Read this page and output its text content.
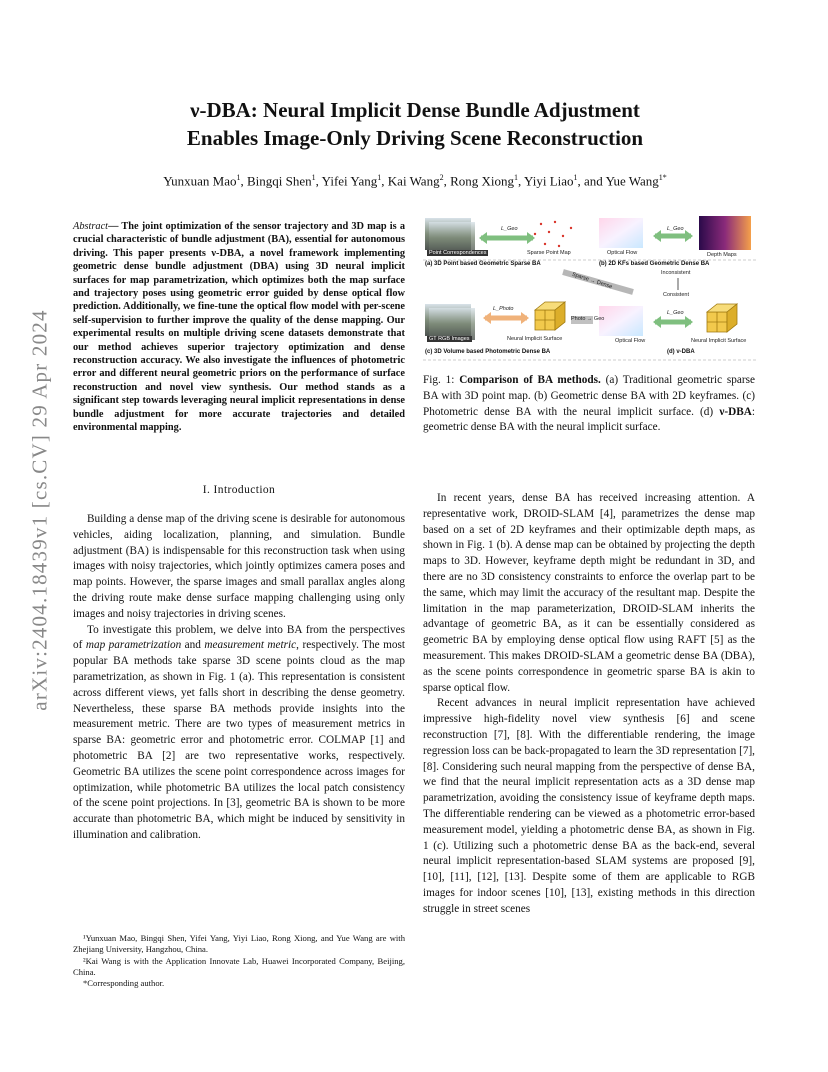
arXiv:2404.18439v1 [cs.CV] 29 Apr 2024
ν-DBA: Neural Implicit Dense Bundle Adjustment
Enables Image-Only Driving Scene Reconstruction
Yunxuan Mao$^1$, Bingqi Shen$^1$, Yifei Yang$^1$, Kai Wang$^2$, Rong Xiong$^1$, Yiyi Liao$^1$, and Yue Wang$^{1*}$
Abstract— The joint optimization of the sensor trajectory and 3D map is a crucial characteristic of bundle adjustment (BA), essential for autonomous driving. This paper presents ν-DBA, a novel framework implementing geometric dense bundle adjustment (DBA) using 3D neural implicit surfaces for map parametrization, which optimizes both the map surface and trajectory poses using geometric error guided by dense optical flow prediction. Additionally, we fine-tune the optical flow model with per-scene self-supervision to further improve the quality of the dense mapping. Our experimental results on multiple driving scene datasets demonstrate that our method achieves superior trajectory optimization and dense reconstruction accuracy. We also investigate the influences of photometric error and different neural geometric priors on the performance of surface reconstruction and novel view synthesis. Our method stands as a significant step towards leveraging neural implicit representations in dense bundle adjustment for more accurate trajectories and detailed environmental mapping.
I. Introduction

Building a dense map of the driving scene is desirable for autonomous vehicles, aiding localization, planning, and simulation. Bundle adjustment (BA) is indispensable for this reconstruction task when using images with noisy trajectories, which jointly optimizes camera poses and map points. However, the sparse images and small parallax angles along the driving route make dense surface mapping challenging using only images and noisy trajectories in driving scenes.

To investigate this problem, we delve into BA from the perspectives of map parametrization and measurement metric, respectively. The most popular BA methods take sparse 3D scene points cloud as the map parametrization, as shown in Fig. 1 (a). This representation is consistent across different views, yet falls short in describing the dense geometry. Nevertheless, these sparse BA methods provide insights into the measurement metric. There are two types of measurement metrics in sparse BA: geometric error and photometric error. COLMAP [1] and photometric BA [2] are two representative works, respectively. Geometric BA utilizes the scene point correspondence across images for optimization, while photometric BA utilizes the local patch consistency of the scene point projections. In [3], geometric BA is shown to be more accurate than photometric BA, which might be induced by sensitivity in illumination and calibration.

¹Yunxuan Mao, Bingqi Shen, Yifei Yang, Yiyi Liao, Rong Xiong, and Yue Wang are with Zhejiang University, Hangzhou, China.

²Kai Wang is with the Application Innovate Lab, Huawei Incorporated Company, Beijing, China.

*Corresponding author.

Point Correspondences	Sparse Point Map
L_Geo
Optical Flow
L_Geo
Depth Maps
(a) 3D Point based Geometric Sparse BA	(b) 2D KFs based Geometric Dense BA
Inconsistent
Consistent
Sparse → Dense
L_Photo
Photo → Geo
L_Geo
GT RGB Images	Neural Implicit Surface	Optical Flow	Neural Implicit Surface
(c) 3D Volume based Photometric Dense BA	(d) ν-DBA
Fig. 1: Comparison of BA methods. (a) Traditional geometric sparse BA with 3D point map. (b) Geometric dense BA with 2D keyframes. (c) Photometric dense BA with the neural implicit surface. (d) ν-DBA: geometric dense BA with the neural implicit surface.

In recent years, dense BA has received increasing attention. A representative work, DROID-SLAM [4], parametrizes the dense map based on a set of 2D keyframes and their optimizable depth maps, as shown in Fig. 1 (b). A dense map can be obtained by projecting the depth maps to 3D. However, keyframe depth might be redundant in 3D, and there are no 3D consistency constraints to enforce the overlap part to be the same, which may limit the accuracy of the resultant map. Despite the limitation in the map parameterization, DROID-SLAM inherits the advantage of geometric BA, as it can be essentially considered as geometric BA by employing dense optical flow using RAFT [5] as the measurement. This makes DROID-SLAM a geometric dense BA (DBA), as the scene points correspondence in geometric sparse BA is akin to sparse optical flow.

Recent advances in neural implicit representation have achieved impressive high-fidelity novel view synthesis [6] and scene reconstruction [7], [8]. With the differentiable rendering, the image regression loss can be back-propagated to learn the 3D representation [7], [8]. Considering such neural mapping from the perspective of dense BA, we find that the neural implicit representation acts as a 3D dense map parametrization, avoiding the consistency issue of keyframe depth maps. The differentiable rendering can be viewed as a photometric error-based measurement model, yielding a photometric dense BA, as shown in Fig. 1 (c). Utilizing such a photometric dense BA as the back-end, several neural implicit representation-based SLAM systems are proposed [9], [10], [11], [12], [13]. Despite some of them are applicable to RGB images for indoor scenes [10], [13], existing methods in this direction struggle in street scenes
